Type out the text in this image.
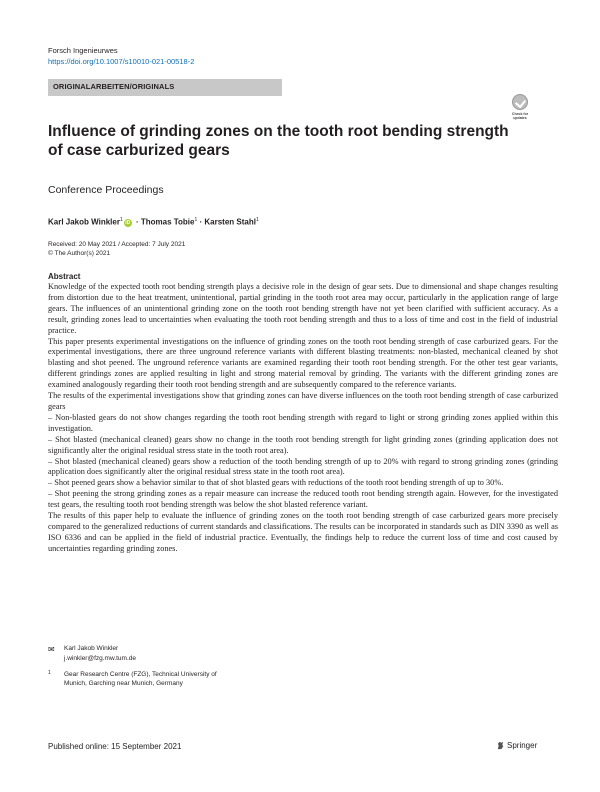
Forsch Ingenieurwes
https://doi.org/10.1007/s10010-021-00518-2
ORIGINALARBEITEN/ORIGINALS
Check for updates
Influence of grinding zones on the tooth root bending strength of case carburized gears
Conference Proceedings
Karl Jakob Winkler$^1$ iD · Thomas Tobie$^1$ · Karsten Stahl$^1$
Received: 20 May 2021 / Accepted: 7 July 2021
© The Author(s) 2021
Abstract

Knowledge of the expected tooth root bending strength plays a decisive role in the design of gear sets. Due to dimensional and shape changes resulting from distortion due to the heat treatment, unintentional, partial grinding in the tooth root area may occur, particularly in the application range of large gears. The influences of an unintentional grinding zone on the tooth root bending strength have not yet been clarified with sufficient accuracy. As a result, grinding zones lead to uncertainties when evaluating the tooth root bending strength and thus to a loss of time and cost in the field of industrial practice.

This paper presents experimental investigations on the influence of grinding zones on the tooth root bending strength of case carburized gears. For the experimental investigations, there are three unground reference variants with different blasting treatments: non-blasted, mechanical cleaned by shot blasting and shot peened. The unground reference variants are examined regarding their tooth root bending strength. For the other test gear variants, different grindings zones are applied resulting in light and strong material removal by grinding. The variants with the different grinding zones are examined analogously regarding their tooth root bending strength and are subsequently compared to the reference variants.

The results of the experimental investigations show that grinding zones can have diverse influences on the tooth root bending strength of case carburized gears

– Non-blasted gears do not show changes regarding the tooth root bending strength with regard to light or strong grinding zones applied within this investigation.

– Shot blasted (mechanical cleaned) gears show no change in the tooth root bending strength for light grinding zones (grinding application does not significantly alter the original residual stress state in the tooth root area).

– Shot blasted (mechanical cleaned) gears show a reduction of the tooth bending strength of up to 20% with regard to strong grinding zones (grinding application does significantly alter the original residual stress state in the tooth root area).

– Shot peened gears show a behavior similar to that of shot blasted gears with reductions of the tooth root bending strength of up to 30%.

– Shot peening the strong grinding zones as a repair measure can increase the reduced tooth root bending strength again. However, for the investigated test gears, the resulting tooth root bending strength was below the shot blasted reference variant.

The results of this paper help to evaluate the influence of grinding zones on the tooth root bending strength of case carburized gears more precisely compared to the generalized reductions of current standards and classifications. The results can be incorporated in standards such as DIN 3390 as well as ISO 6336 and can be applied in the field of industrial practice. Eventually, the findings help to reduce the current loss of time and cost caused by uncertainties regarding grinding zones.

✉ Karl Jakob Winkler
j.winkler@fzg.mw.tum.de
1 Gear Research Centre (FZG), Technical University of Munich, Garching near Munich, Germany
Published online: 15 September 2021	Springer
